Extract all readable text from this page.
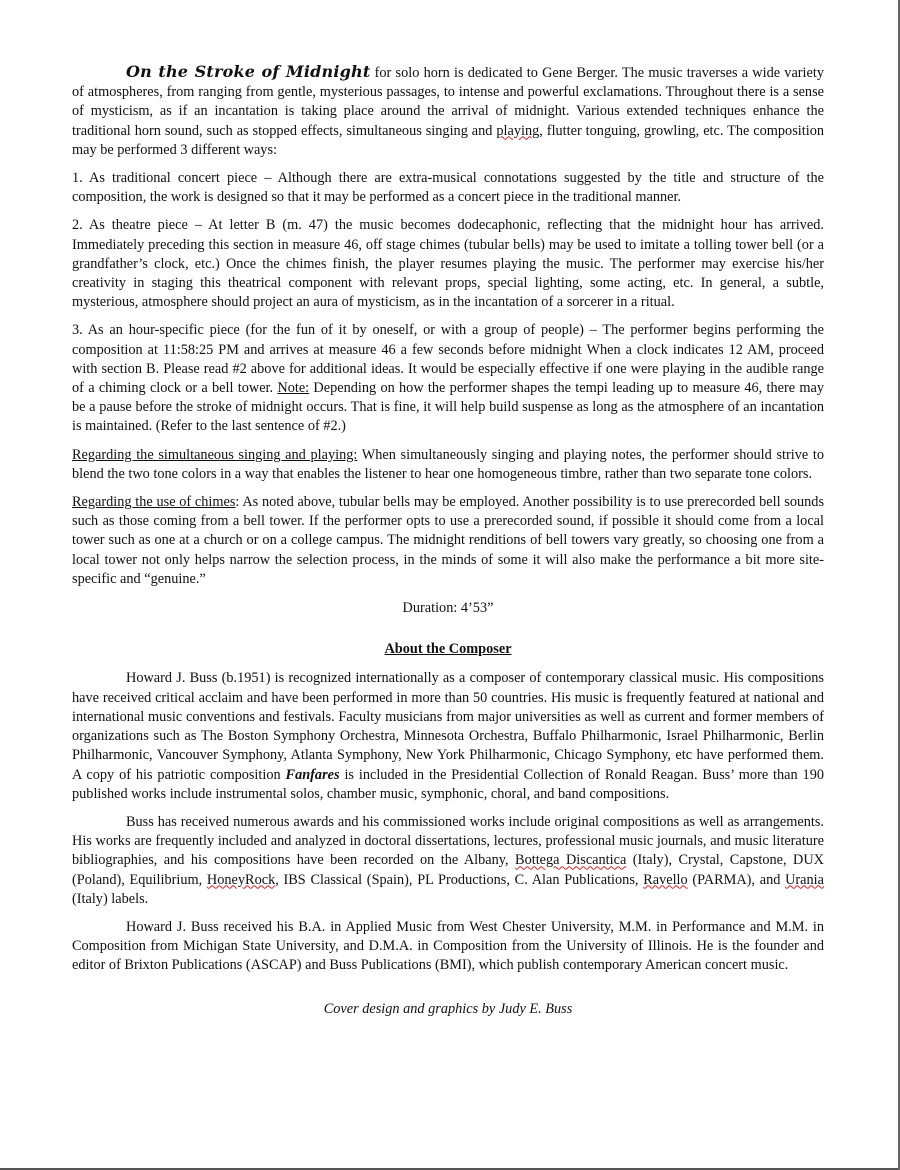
On the Stroke of Midnight for solo horn is dedicated to Gene Berger. The music traverses a wide variety of atmospheres, from ranging from gentle, mysterious passages, to intense and powerful exclamations. Throughout there is a sense of mysticism, as if an incantation is taking place around the arrival of midnight. Various extended techniques enhance the traditional horn sound, such as stopped effects, simultaneous singing and playing, flutter tonguing, growling, etc. The composition may be performed 3 different ways:

1. As traditional concert piece – Although there are extra-musical connotations suggested by the title and structure of the composition, the work is designed so that it may be performed as a concert piece in the traditional manner.

2. As theatre piece – At letter B (m. 47) the music becomes dodecaphonic, reflecting that the midnight hour has arrived. Immediately preceding this section in measure 46, off stage chimes (tubular bells) may be used to imitate a tolling tower bell (or a grandfather’s clock, etc.) Once the chimes finish, the player resumes playing the music. The performer may exercise his/her creativity in staging this theatrical component with relevant props, special lighting, some acting, etc. In general, a subtle, mysterious, atmosphere should project an aura of mysticism, as in the incantation of a sorcerer in a ritual.

3. As an hour-specific piece (for the fun of it by oneself, or with a group of people) – The performer begins performing the composition at 11:58:25 PM and arrives at measure 46 a few seconds before midnight When a clock indicates 12 AM, proceed with section B. Please read #2 above for additional ideas. It would be especially effective if one were playing in the audible range of a chiming clock or a bell tower. Note: Depending on how the performer shapes the tempi leading up to measure 46, there may be a pause before the stroke of midnight occurs. That is fine, it will help build suspense as long as the atmosphere of an incantation is maintained. (Refer to the last sentence of #2.)

Regarding the simultaneous singing and playing: When simultaneously singing and playing notes, the performer should strive to blend the two tone colors in a way that enables the listener to hear one homogeneous timbre, rather than two separate tone colors.

Regarding the use of chimes: As noted above, tubular bells may be employed. Another possibility is to use prerecorded bell sounds such as those coming from a bell tower. If the performer opts to use a prerecorded sound, if possible it should come from a local tower such as one at a church or on a college campus. The midnight renditions of bell towers vary greatly, so choosing one from a local tower not only helps narrow the selection process, in the minds of some it will also make the performance a bit more site-specific and “genuine.”

Duration: 4’53”

About the Composer

Howard J. Buss (b.1951) is recognized internationally as a composer of contemporary classical music. His compositions have received critical acclaim and have been performed in more than 50 countries. His music is frequently featured at national and international music conventions and festivals. Faculty musicians from major universities as well as current and former members of organizations such as The Boston Symphony Orchestra, Minnesota Orchestra, Buffalo Philharmonic, Israel Philharmonic, Berlin Philharmonic, Vancouver Symphony, Atlanta Symphony, New York Philharmonic, Chicago Symphony, etc have performed them. A copy of his patriotic composition Fanfares is included in the Presidential Collection of Ronald Reagan. Buss’ more than 190 published works include instrumental solos, chamber music, symphonic, choral, and band compositions.

Buss has received numerous awards and his commissioned works include original compositions as well as arrangements. His works are frequently included and analyzed in doctoral dissertations, lectures, professional music journals, and music literature bibliographies, and his compositions have been recorded on the Albany, Bottega Discantica (Italy), Crystal, Capstone, DUX (Poland), Equilibrium, HoneyRock, IBS Classical (Spain), PL Productions, C. Alan Publications, Ravello (PARMA), and Urania (Italy) labels.

Howard J. Buss received his B.A. in Applied Music from West Chester University, M.M. in Performance and M.M. in Composition from Michigan State University, and D.M.A. in Composition from the University of Illinois. He is the founder and editor of Brixton Publications (ASCAP) and Buss Publications (BMI), which publish contemporary American concert music.

Cover design and graphics by Judy E. Buss
